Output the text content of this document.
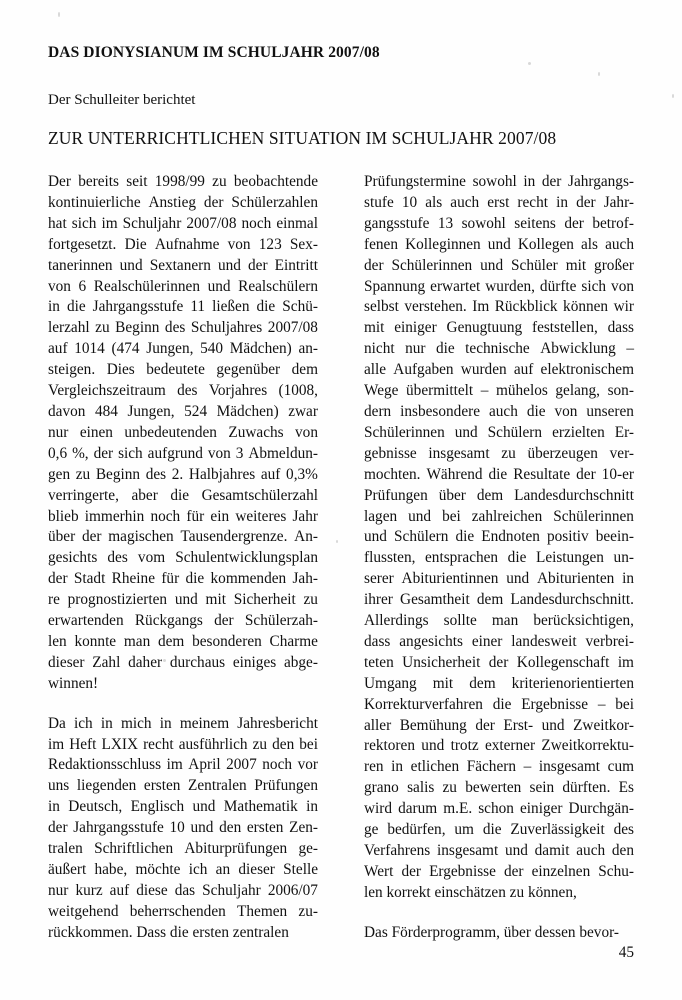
DAS DIONYSIANUM IM SCHULJAHR 2007/08
Der Schulleiter berichtet
ZUR UNTERRICHTLICHEN SITUATION IM SCHULJAHR 2007/08
Der bereits seit 1998/99 zu beobachtende
kontinuierliche Anstieg der Schülerzahlen
hat sich im Schuljahr 2007/08 noch einmal
fortgesetzt. Die Aufnahme von 123 Sex-
tanerinnen und Sextanern und der Eintritt
von 6 Realschülerinnen und Realschülern
in die Jahrgangsstufe 11 ließen die Schü-
lerzahl zu Beginn des Schuljahres 2007/08
auf 1014 (474 Jungen, 540 Mädchen) an-
steigen. Dies bedeutete gegenüber dem
Vergleichszeitraum des Vorjahres (1008,
davon 484 Jungen, 524 Mädchen) zwar
nur einen unbedeutenden Zuwachs von
0,6 %, der sich aufgrund von 3 Abmeldun-
gen zu Beginn des 2. Halbjahres auf 0,3%
verringerte, aber die Gesamtschülerzahl
blieb immerhin noch für ein weiteres Jahr
über der magischen Tausendergrenze. An-
gesichts des vom Schulentwicklungsplan
der Stadt Rheine für die kommenden Jah-
re prognostizierten und mit Sicherheit zu
erwartenden Rückgangs der Schülerzah-
len konnte man dem besonderen Charme
dieser Zahl daher durchaus einiges abge-
winnen!
Da ich in mich in meinem Jahresbericht
im Heft LXIX recht ausführlich zu den bei
Redaktionsschluss im April 2007 noch vor
uns liegenden ersten Zentralen Prüfungen
in Deutsch, Englisch und Mathematik in
der Jahrgangsstufe 10 und den ersten Zen-
tralen Schriftlichen Abiturprüfungen ge-
äußert habe, möchte ich an dieser Stelle
nur kurz auf diese das Schuljahr 2006/07
weitgehend beherrschenden Themen zu-
rückkommen. Dass die ersten zentralen
Prüfungstermine sowohl in der Jahrgangs-
stufe 10 als auch erst recht in der Jahr-
gangsstufe 13 sowohl seitens der betrof-
fenen Kolleginnen und Kollegen als auch
der Schülerinnen und Schüler mit großer
Spannung erwartet wurden, dürfte sich von
selbst verstehen. Im Rückblick können wir
mit einiger Genugtuung feststellen, dass
nicht nur die technische Abwicklung –
alle Aufgaben wurden auf elektronischem
Wege übermittelt – mühelos gelang, son-
dern insbesondere auch die von unseren
Schülerinnen und Schülern erzielten Er-
gebnisse insgesamt zu überzeugen ver-
mochten. Während die Resultate der 10-er
Prüfungen über dem Landesdurchschnitt
lagen und bei zahlreichen Schülerinnen
und Schülern die Endnoten positiv beein-
flussten, entsprachen die Leistungen un-
serer Abiturientinnen und Abiturienten in
ihrer Gesamtheit dem Landesdurchschnitt.
Allerdings sollte man berücksichtigen,
dass angesichts einer landesweit verbrei-
teten Unsicherheit der Kollegenschaft im
Umgang mit dem kriterienorientierten
Korrekturverfahren die Ergebnisse – bei
aller Bemühung der Erst- und Zweitkor-
rektoren und trotz externer Zweitkorrektu-
ren in etlichen Fächern – insgesamt cum
grano salis zu bewerten sein dürften. Es
wird darum m.E. schon einiger Durchgän-
ge bedürfen, um die Zuverlässigkeit des
Verfahrens insgesamt und damit auch den
Wert der Ergebnisse der einzelnen Schu-
len korrekt einschätzen zu können,
Das Förderprogramm, über dessen bevor-
45
